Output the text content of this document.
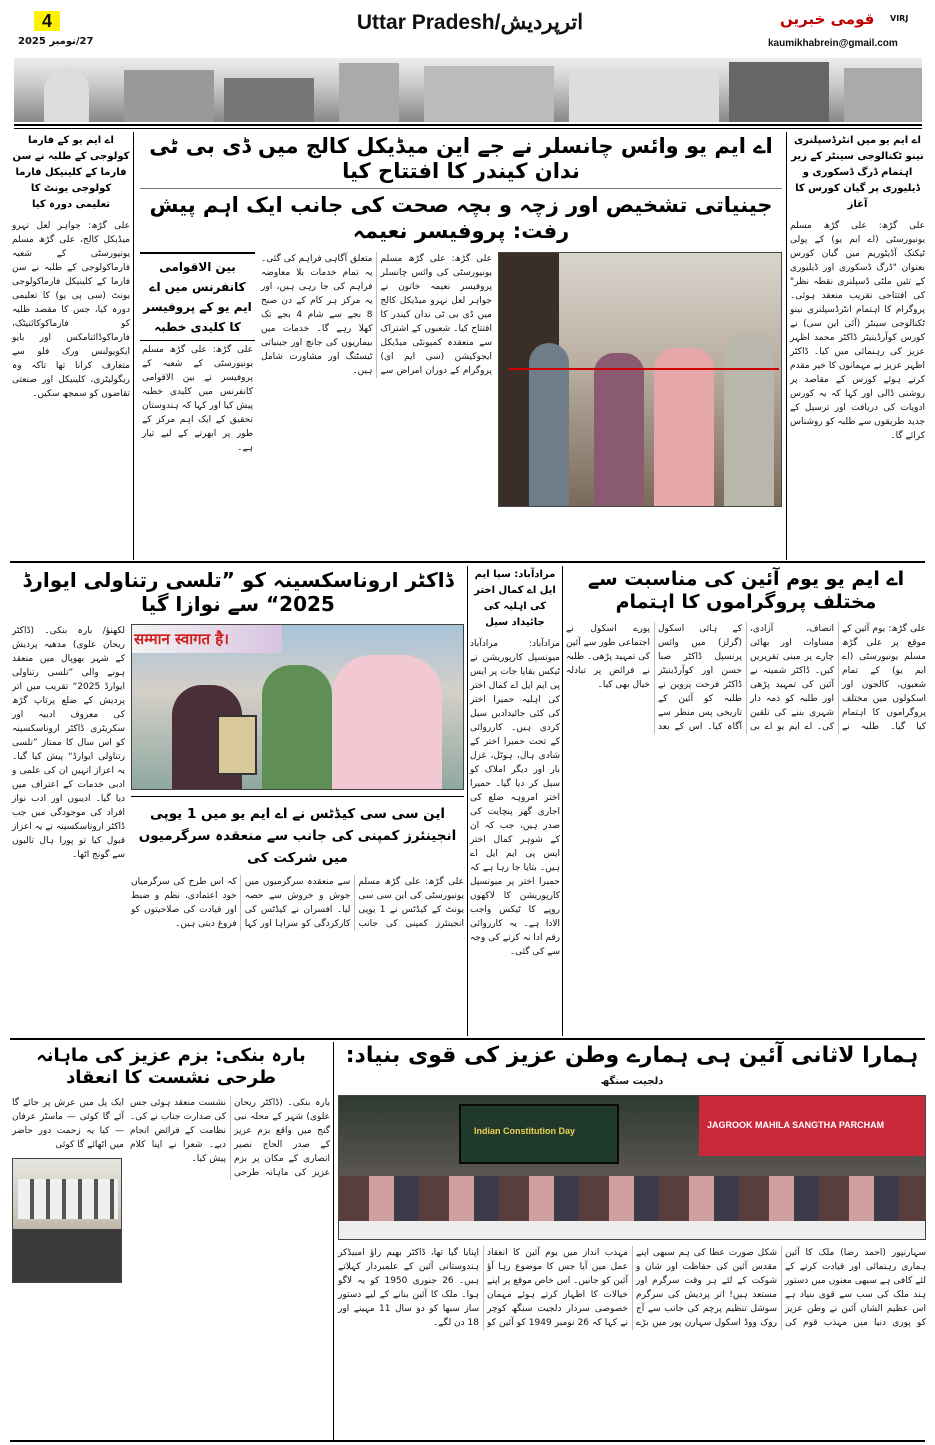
4
27/نومبر 2025
Uttar Pradesh/اترپردیش	قومی خبریں VIRJ
kaumikhabrein@gmail.com
اے ایم یو میں انٹرڈسپلنری نینو ٹکنالوجی سینٹر کے زیر اہتمام ڈرگ ڈسکوری و ڈیلیوری پر گیان کورس کا آغاز
علی گڑھ: علی گڑھ مسلم یونیورسٹی (اے ایم یو) کے پولی ٹیکنک آڈیٹوریم میں گیان کورس بعنوان "ڈرگ ڈسکوری اور ڈیلیوری کے تئیں ملٹی ڈسپلنری نقطہ نظر" کی افتتاحی تقریب منعقد ہوئی۔ پروگرام کا اہتمام انٹرڈسپلنری نینو ٹکنالوجی سینٹر (آئی این سی) نے کورس کوآرڈینیٹر ڈاکٹر محمد اظہر عزیز کی رہنمائی میں کیا۔ ڈاکٹر اظہر عزیز نے مہمانوں کا خیر مقدم کرتے ہوئے کورس کے مقاصد پر روشنی ڈالی اور کہا کہ یہ کورس ادویات کی دریافت اور ترسیل کے جدید طریقوں سے طلبہ کو روشناس کرائے گا۔
اے ایم یو کے فارما کولوجی کے طلبہ نے سن فارما کے کلینیکل فارما کولوجی یونٹ کا تعلیمی دورہ کیا
علی گڑھ: جواہر لعل نہرو میڈیکل کالج، علی گڑھ مسلم یونیورسٹی کے شعبہ فارماکولوجی کے طلبہ نے سن فارما کے کلینیکل فارماکولوجی یونٹ (سی پی یو) کا تعلیمی دورہ کیا، جس کا مقصد طلبہ کو فارماکوکائنیٹک، فارماکوڈائنامکس اور بایو ایکویولنس ورک فلو سے متعارف کرانا تھا تاکہ وہ ریگولیٹری، کلینیکل اور صنعتی تقاضوں کو سمجھ سکیں۔
اے ایم یو وائس چانسلر نے جے این میڈیکل کالج میں ڈی بی ٹی ندان کیندر کا افتتاح کیا
جینیاتی تشخیص اور زچہ و بچہ صحت کی جانب ایک اہم پیش رفت: پروفیسر نعیمہ
بین الاقوامی کانفرنس میں اے ایم یو کے پروفیسر کا کلیدی خطبہ
علی گڑھ: علی گڑھ مسلم یونیورسٹی کے شعبہ کے پروفیسر نے بین الاقوامی کانفرنس میں کلیدی خطبہ پیش کیا اور کہا کہ ہندوستان تحقیق کے ایک اہم مرکز کے طور پر ابھرنے کے لیے تیار ہے۔
علی گڑھ: علی گڑھ مسلم یونیورسٹی کی وائس چانسلر پروفیسر نعیمہ خاتون نے جواہر لعل نہرو میڈیکل کالج میں ڈی بی ٹی ندان کیندر کا افتتاح کیا۔ شعبوں کے اشتراک سے منعقدہ کمیونٹی میڈیکل ایجوکیشن (سی ایم ای) پروگرام کے دوران امراض سے متعلق آگاہی فراہم کی گئی۔ یہ تمام خدمات بلا معاوضہ فراہم کی جا رہی ہیں، اور یہ مرکز ہر کام کے دن صبح 8 بجے سے شام 4 بجے تک کھلا رہے گا۔ خدمات میں بیماریوں کی جانچ اور جینیاتی ٹیسٹنگ اور مشاورت شامل ہیں۔
اے ایم یو یوم آئین کی مناسبت سے مختلف پروگراموں کا اہتمام
علی گڑھ: یوم آئین کے موقع پر علی گڑھ مسلم یونیورسٹی (اے ایم یو) کے تمام شعبوں، کالجوں اور اسکولوں میں مختلف پروگراموں کا اہتمام کیا گیا۔ طلبہ نے انصاف، آزادی، مساوات اور بھائی چارے پر مبنی تقریریں کیں۔ ڈاکٹر شمینہ نے آئین کی تمہید پڑھی اور طلبہ کو ذمہ دار شہری بننے کی تلقین کی۔ اے ایم یو اے بی کے ہائی اسکول (گرلز) میں وائس پرنسپل ڈاکٹر صبا حسن اور کوآرڈینیٹر ڈاکٹر فرحت پروین نے طلبہ کو آئین کے تاریخی پس منظر سے آگاہ کیا۔ اس کے بعد پورے اسکول نے اجتماعی طور سے آئین کی تمہید پڑھی۔ طلبہ نے فرائض پر تبادلہ خیال بھی کیا۔
مرادآباد: سپا ایم ایل اے کمال اختر کی اہلیہ کی جائیداد سیل
مرادآباد: مرادآباد میونسپل کارپوریشن نے ٹیکس بقایا جات پر ایس پی ایم ایل اے کمال اختر کی اہلیہ حمیرا اختر کی کئی جائیدادیں سیل کردی ہیں۔ کارروائی کے تحت حمیرا اختر کے شادی ہال، ہوٹل، غزل بار اور دیگر املاک کو سیل کر دیا گیا۔ حمیرا اختر امروہہ ضلع کی اجاری گھر پنچایت کی صدر ہیں، جب کہ ان کے شوہر کمال اختر ایس پی ایم ایل اے ہیں۔ بتایا جا رہا ہے کہ حمیرا اختر پر میونسپل کارپوریشن کا لاکھوں روپے کا ٹیکس واجب الادا ہے۔ یہ کارروائی رقم ادا نہ کرنے کی وجہ سے کی گئی۔
ڈاکٹر اروناسکسینہ کو ”تلسی رتناولی ایوارڈ 2025“ سے نوازا گیا
सम्मान स्वागत है।
این سی سی کیڈٹس نے اے ایم یو میں 1 یوپی انجینئرز کمپنی کی جانب سے منعقدہ سرگرمیوں میں شرکت کی
علی گڑھ: علی گڑھ مسلم یونیورسٹی کی این سی سی یونٹ کے کیڈٹس نے 1 یوپی انجینئرز کمپنی کی جانب سے منعقدہ سرگرمیوں میں جوش و خروش سے حصہ لیا۔ افسران نے کیڈٹس کی کارکردگی کو سراہا اور کہا کہ اس طرح کی سرگرمیاں خود اعتمادی، نظم و ضبط اور قیادت کی صلاحیتوں کو فروغ دیتی ہیں۔
لکھنؤ/ بارہ بنکی۔ (ڈاکٹر ریحان علوی) مدھیہ پردیش کے شہر بھوپال میں منعقد ہونے والی ”تلسی رتناولی ایوارڈ 2025“ تقریب میں اتر پردیش کے ضلع پرتاپ گڑھ کی معروف ادیبہ اور سکریٹری ڈاکٹر اروناسکسینہ کو اس سال کا ممتاز ”تلسی رتناولی ایوارڈ“ پیش کیا گیا۔ یہ اعزاز انہیں ان کی علمی و ادبی خدمات کے اعتراف میں دیا گیا۔ ادیبوں اور ادب نواز افراد کی موجودگی میں جب ڈاکٹر اروناسکسینہ نے یہ اعزاز قبول کیا تو پورا ہال تالیوں سے گونج اٹھا۔
بارہ بنکی: بزم عزیز کی ماہانہ طرحی نشست کا انعقاد
ایک پل میں عرش پر جائے گا آئے گا کوئی — ماسٹر عرفان — کیا یہ زحمت دور حاضر میں اٹھائے گا کوئی
بارہ بنکی۔ (ڈاکٹر ریحان علوی) شہر کے محلہ نبی گنج میں واقع بزم عزیز کے صدر الحاج نصیر انصاری کے مکان پر بزم عزیز کی ماہانہ طرحی نشست منعقد ہوئی جس کی صدارت جناب نے کی۔ نظامت کے فرائض انجام دیے۔ شعرا نے اپنا کلام پیش کیا۔
ہمارا لاثانی آئین ہی ہمارے وطن عزیز کی قوی بنیاد: دلجیت سنگھ
Indian Constitution Day
JAGROOK MAHILA SANGTHA PARCHAM
سہارنپور (احمد رضا) ملک کا آئین ہماری رہنمائی اور قیادت کرنے کے لئے کافی ہے سبھی معنوں میں دستور ہند ملک کی سب سے قوی بنیاد ہے اس عظیم الشان آئین نے وطن عزیز کو پوری دنیا میں مہذب قوم کی شکل صورت عطا کی ہم سبھی اپنے مقدس آئین کی حفاظت اور شان و شوکت کے لئے ہر وقت سرگرم اور مستعد ہیں! اتر پردیش کی سرگرم سوشل تنظیم پرچم کی جانب سے آج روک ووڈ اسکول سہارن پور میں بڑے مہذب انداز میں یوم آئین کا انعقاد عمل میں آیا جس کا موضوع رہا آؤ آئین کو جانیں۔ اس خاص موقع پر اپنے خیالات کا اظہار کرتے ہوئے مہمان خصوصی سردار دلجیت سنگھ کوچر نے کہا کہ 26 نومبر 1949 کو آئین کو اپنایا گیا تھا، ڈاکٹر بھیم راؤ امبیڈکر ہندوستانی آئین کے علمبردار کہلاتے ہیں۔ 26 جنوری 1950 کو یہ لاگو ہوا۔ ملک کا آئین بنانے کے لیے دستور ساز سبھا کو دو سال 11 مہینے اور 18 دن لگے۔
